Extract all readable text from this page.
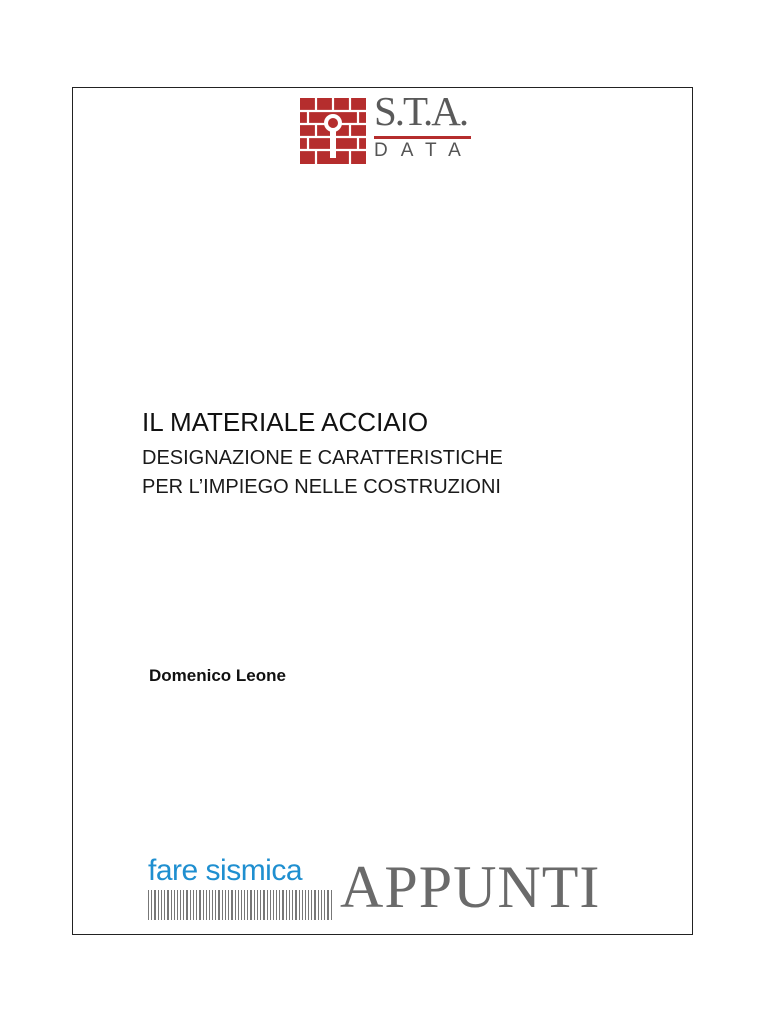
S.T.A.
DATA
IL MATERIALE ACCIAIO
DESIGNAZIONE E CARATTERISTICHE
PER L’IMPIEGO NELLE COSTRUZIONI
Domenico Leone
fare sismica APPUNTI
